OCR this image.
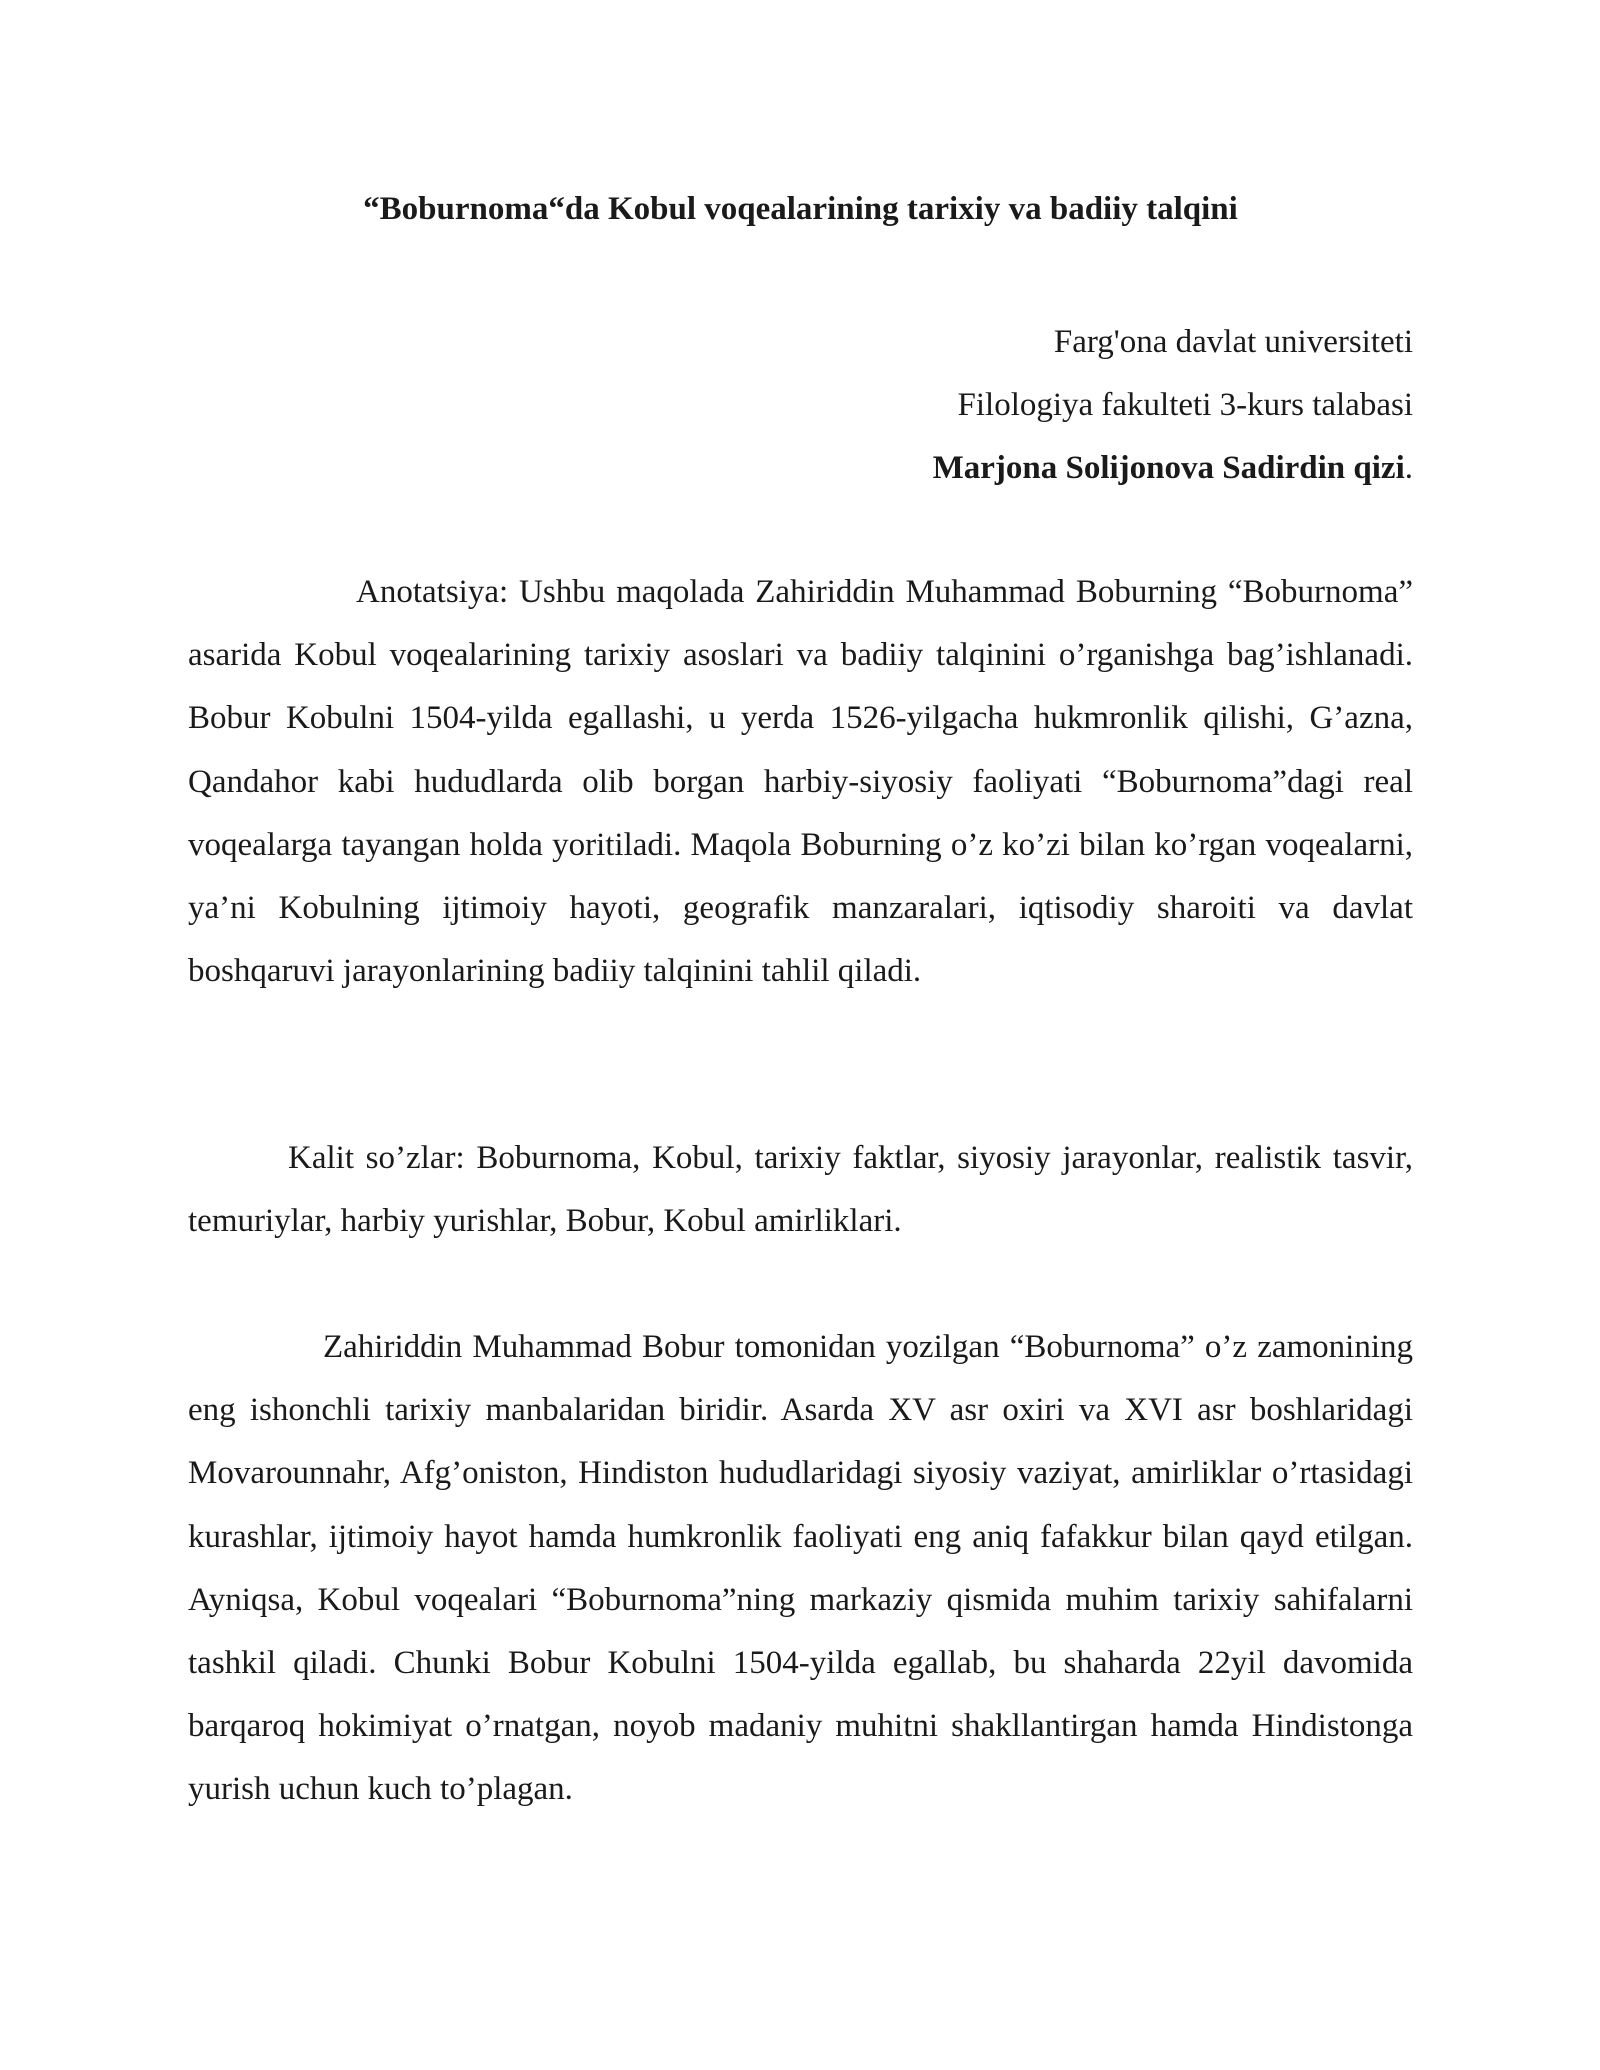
“Boburnoma“da Kobul voqealarining tarixiy va badiiy talqini
Farg'ona davlat universiteti
Filologiya fakulteti 3-kurs talabasi
Marjona Solijonova Sadirdin qizi.

Anotatsiya: Ushbu maqolada Zahiriddin Muhammad Boburning “Boburnoma” asarida Kobul voqealarining tarixiy asoslari va badiiy talqinini o’rganishga bag’ishlanadi. Bobur Kobulni 1504-yilda egallashi, u yerda 1526-yilgacha hukmronlik qilishi, G’azna, Qandahor kabi hududlarda olib borgan harbiy-siyosiy faoliyati “Boburnoma”dagi real voqealarga tayangan holda yoritiladi. Maqola Boburning o’z ko’zi bilan ko’rgan voqealarni, ya’ni Kobulning ijtimoiy hayoti, geografik manzaralari, iqtisodiy sharoiti va davlat boshqaruvi jarayonlarining badiiy talqinini tahlil qiladi.

Kalit so’zlar: Boburnoma, Kobul, tarixiy faktlar, siyosiy jarayonlar, realistik tasvir, temuriylar, harbiy yurishlar, Bobur, Kobul amirliklari.

Zahiriddin Muhammad Bobur tomonidan yozilgan “Boburnoma” o’z zamonining eng ishonchli tarixiy manbalaridan biridir. Asarda XV asr oxiri va XVI asr boshlaridagi Movarounnahr, Afg’oniston, Hindiston hududlaridagi siyosiy vaziyat, amirliklar o’rtasidagi kurashlar, ijtimoiy hayot hamda humkronlik faoliyati eng aniq fafakkur bilan qayd etilgan. Ayniqsa, Kobul voqealari “Boburnoma”ning markaziy qismida muhim tarixiy sahifalarni tashkil qiladi. Chunki Bobur Kobulni 1504-yilda egallab, bu shaharda 22yil davomida barqaroq hokimiyat o’rnatgan, noyob madaniy muhitni shakllantirgan hamda Hindistonga yurish uchun kuch to’plagan.
